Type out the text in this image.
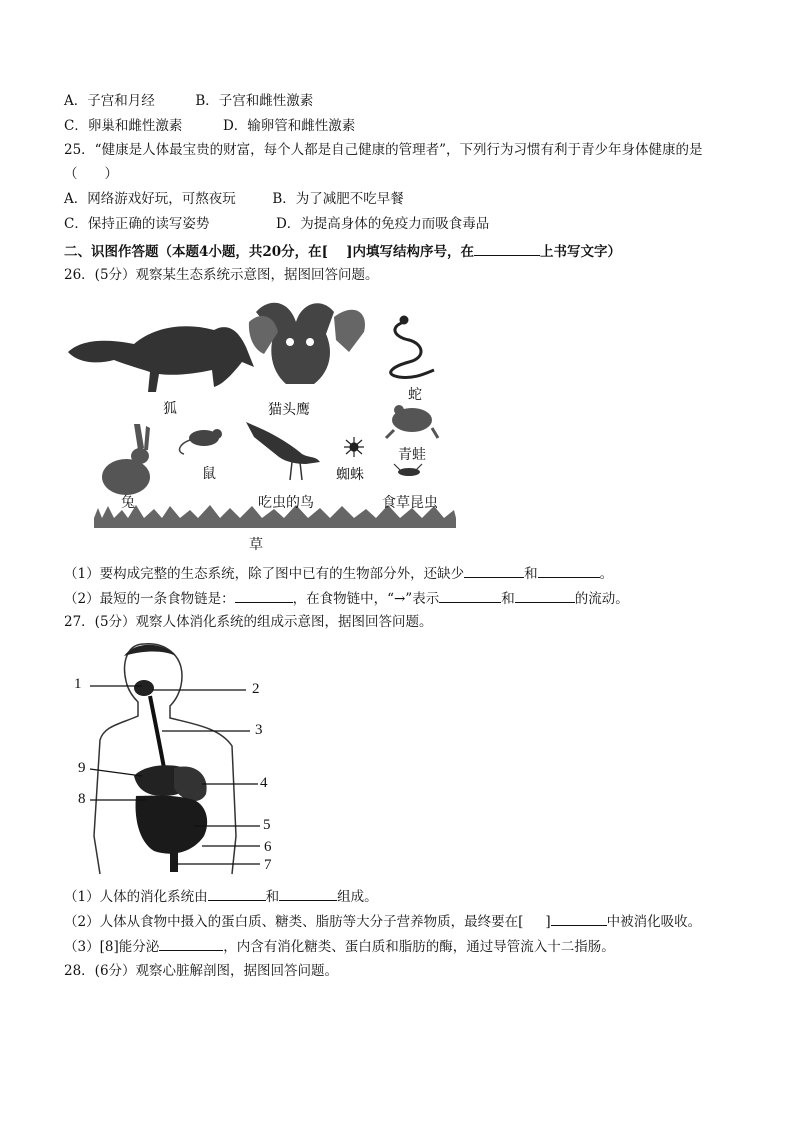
A．子宫和月经	B．子宫和雌性激素
C．卵巢和雌性激素	D．输卵管和雌性激素
25．“健康是人体最宝贵的财富，每个人都是自己健康的管理者”，下列行为习惯有利于青少年身体健康的是
（　　）
A．网络游戏好玩，可熬夜玩	B．为了减肥不吃早餐
C．保持正确的读写姿势	D．为提高身体的免疫力而吸食毒品
二、识图作答题（本题4小题，共20分，在[ ]内填写结构序号，在	上书写文字）
26．(5分）观察某生态系统示意图，据图回答问题。
狐	猫头鹰
蛇
兔
鼠
吃虫的鸟
蜘蛛
青蛙
食草昆虫
草
（1）要构成完整的生态系统，除了图中已有的生物部分外，还缺少	和	。
（2）最短的一条食物链是：	，在食物链中，“→”表示	和	的流动。
27．(5分）观察人体消化系统的组成示意图，据图回答问题。
1	2
3
4
5
6
7
8
9
（1）人体的消化系统由	和	组成。
（2）人体从食物中摄入的蛋白质、糖类、脂肪等大分子营养物质，最终要在[ ]	中被消化吸收。
（3）[8]能分泌	，内含有消化糖类、蛋白质和脂肪的酶，通过导管流入十二指肠。
28．(6分）观察心脏解剖图，据图回答问题。
